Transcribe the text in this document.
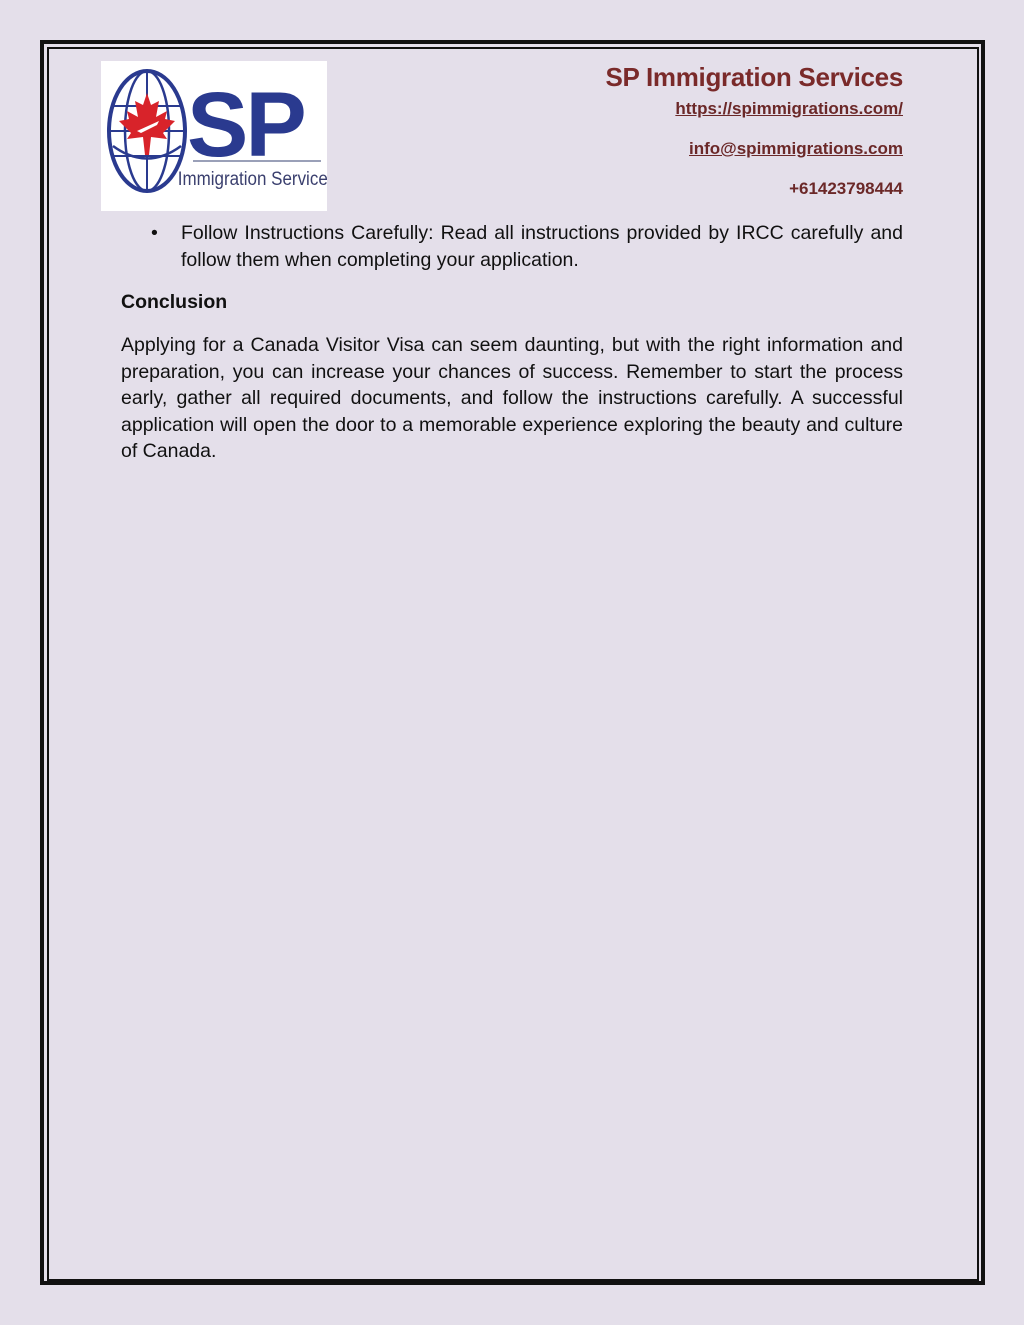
SP
Immigration Services
SP Immigration Services
https://spimmigrations.com/
info@spimmigrations.com
+61423798444
• Follow Instructions Carefully: Read all instructions provided by IRCC carefully and follow them when completing your application.
Conclusion

Applying for a Canada Visitor Visa can seem daunting, but with the right information and preparation, you can increase your chances of success. Remember to start the process early, gather all required documents, and follow the instructions carefully. A successful application will open the door to a memorable experience exploring the beauty and culture of Canada.
